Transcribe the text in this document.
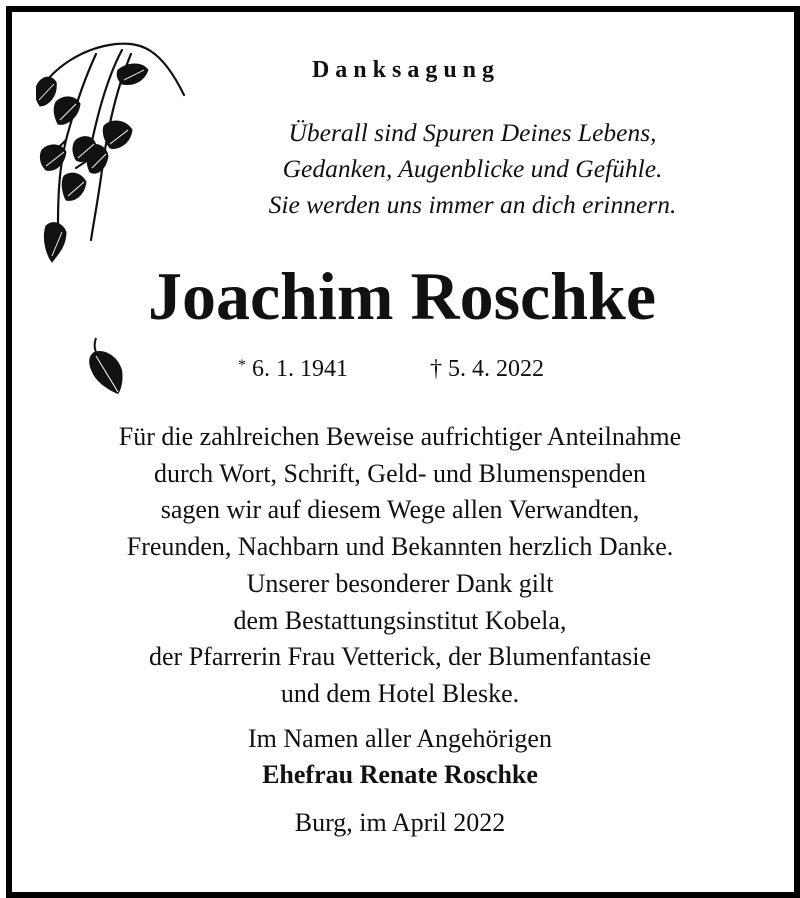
Danksagung
Überall sind Spuren Deines Lebens,
Gedanken, Augenblicke und Gefühle.
Sie werden uns immer an dich erinnern.
Joachim Roschke
* 6. 1. 1941	† 5. 4. 2022
Für die zahlreichen Beweise aufrichtiger Anteilnahme
durch Wort, Schrift, Geld- und Blumenspenden
sagen wir auf diesem Wege allen Verwandten,
Freunden, Nachbarn und Bekannten herzlich Danke.
Unserer besonderer Dank gilt
dem Bestattungsinstitut Kobela,
der Pfarrerin Frau Vetterick, der Blumenfantasie
und dem Hotel Bleske.
Im Namen aller Angehörigen
Ehefrau Renate Roschke
Burg, im April 2022
